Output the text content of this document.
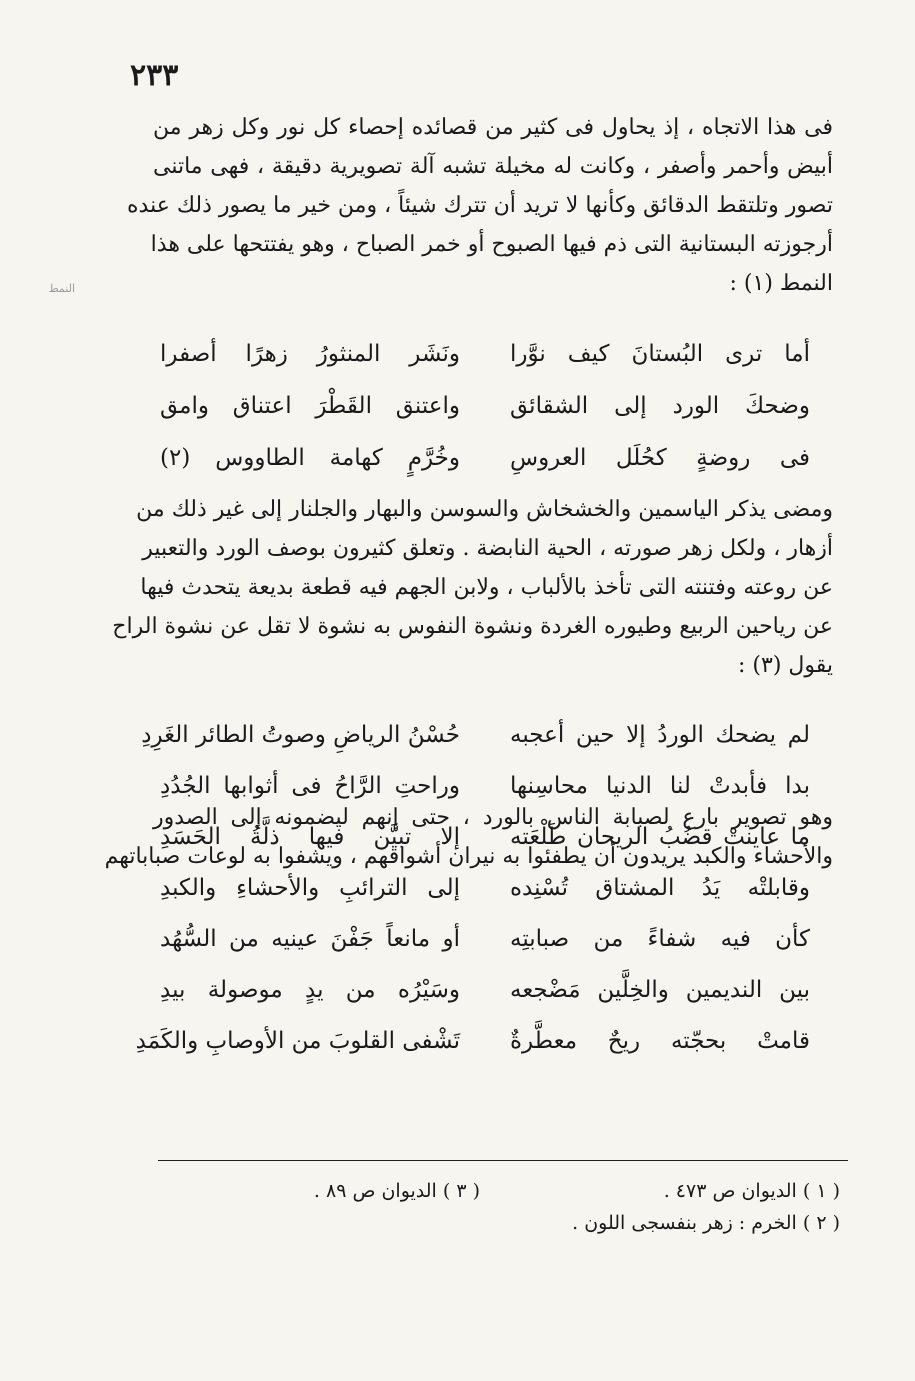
٢٣٣
النمط
فى هذا الاتجاه ، إذ يحاول فى كثير من قصائده إحصاء كل نور وكل زهر من
أبيض وأحمر وأصفر ، وكانت له مخيلة تشبه آلة تصويرية دقيقة ، فهى ماتنى
تصور وتلتقط الدقائق وكأنها لا تريد أن تترك شيئاً ، ومن خير ما يصور ذلك عنده
أرجوزته البستانية التى ذم فيها الصبوح أو خمر الصباح ، وهو يفتتحها على هذا
النمط (١) :
أما ترى البُستانَ كيف نوَّرا
ونَشَر المنثورُ زهرًا أصفرا
وضحكَ الورد إلى الشقائق
واعتنق القَطْرَ اعتناق وامق
فى روضةٍ كحُلَل العروسِ
وخُرَّمٍ كهامة الطاووس (٢)
ومضى يذكر الياسمين والخشخاش والسوسن والبهار والجلنار إلى غير ذلك من
أزهار ، ولكل زهر صورته ، الحية النابضة . وتعلق كثيرون بوصف الورد والتعبير
عن روعته وفتنته التى تأخذ بالألباب ، ولابن الجهم فيه قطعة بديعة يتحدث فيها
عن رياحين الربيع وطيوره الغردة ونشوة النفوس به نشوة لا تقل عن نشوة الراح
يقول (٣) :
لم يضحك الوردُ إلا حين أعجبه
حُسْنُ الرياضِ وصوتُ الطائر الغَرِدِ
بدا فأبدتْ لنا الدنيا محاسِنها
وراحتِ الرَّاحُ فى أثوابها الجُدُدِ
ما عاينتْ قضُبُ الريحان طَلْعَته
إلا تبيَّن فيها ذلَّةُ الحَسَدِ
وقابلتْه يَدُ المشتاق تُسْنِده
إلى الترائبِ والأحشاءِ والكبدِ
كأن فيه شفاءً من صبابتِه
أو مانعاً جَفْنَ عينيه من السُّهُد
بين النديمين والخِلَّين مَضْجعه
وسَيْرُه من يدٍ موصولة بيدِ
قامتْ بحجّته ريحٌ معطَّرةٌ
تَشْفى القلوبَ من الأوصابِ والكَمَدِ
وهو تصوير بارع لصبابة الناس بالورد ، حتى إنهم ليضمونه إلى الصدور
والأحشاء والكبد يريدون أن يطفئوا به نيران أشواقهم ، ويشفوا به لوعات صباباتهم
( ١ ) الديوان ص ٤٧٣ .
( ٣ ) الديوان ص ٨٩ .
( ٢ ) الخرم : زهر بنفسجى اللون .
